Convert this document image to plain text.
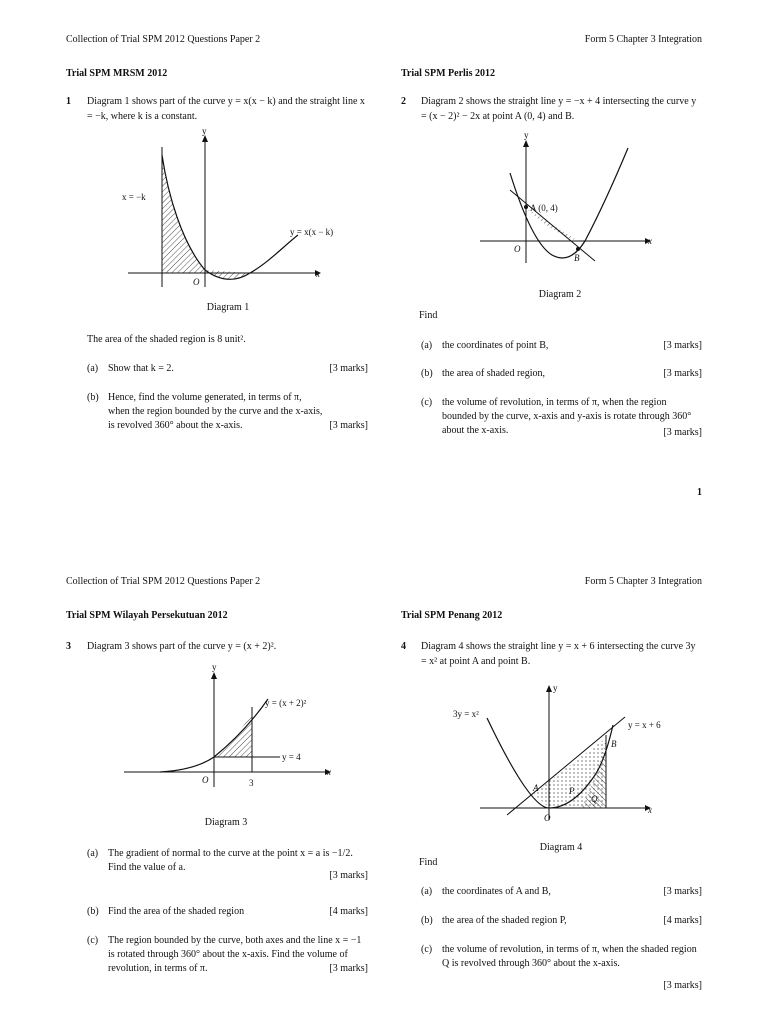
Collection of Trial SPM 2012 Questions Paper 2	Form 5 Chapter 3 Integration
Trial SPM MRSM 2012
1 Diagram 1 shows part of the curve y = x(x − k) and the straight line x = −k, where k is a constant.
y
x
O
x = −k
y = x(x − k)
Diagram 1
The area of the shaded region is 8 unit².
(a) Show that k = 2.	[3 marks]
(b) Hence, find the volume generated, in terms of π, when the region bounded by the curve and the x-axis, is revolved 360° about the x-axis.	[3 marks]
Trial SPM Perlis 2012
2 Diagram 2 shows the straight line y = −x + 4 intersecting the curve y = (x − 2)² − 2x at point A (0, 4) and B.
y
x
O
A (0, 4)
B
Diagram 2
Find
(a) the coordinates of point B,	[3 marks]
(b) the area of shaded region,	[3 marks]
(c) the volume of revolution, in terms of π, when the region bounded by the curve, x-axis and y-axis is rotate through 360° about the x-axis.	[3 marks]
1
Collection of Trial SPM 2012 Questions Paper 2	Form 5 Chapter 3 Integration
Trial SPM Wilayah Persekutuan 2012
3 Diagram 3 shows part of the curve y = (x + 2)².
y
x
O
y = (x + 2)²
y = 4
3
Diagram 3
(a) The gradient of normal to the curve at the point x = a is −1/2. Find the value of a.
[3 marks]
(b) Find the area of the shaded region	[4 marks]
(c) The region bounded by the curve, both axes and the line x = −1 is rotated through 360° about the x-axis. Find the volume of revolution, in terms of π.	[3 marks]
Trial SPM Penang 2012
4 Diagram 4 shows the straight line y = x + 6 intersecting the curve 3y = x² at point A and point B.
y
x
O
3y = x²
y = x + 6
A
B
P
Q
Diagram 4
Find
(a) the coordinates of A and B,	[3 marks]
(b) the area of the shaded region P,	[4 marks]
(c) the volume of revolution, in terms of π, when the shaded region Q is revolved through 360° about the x-axis.
[3 marks]
